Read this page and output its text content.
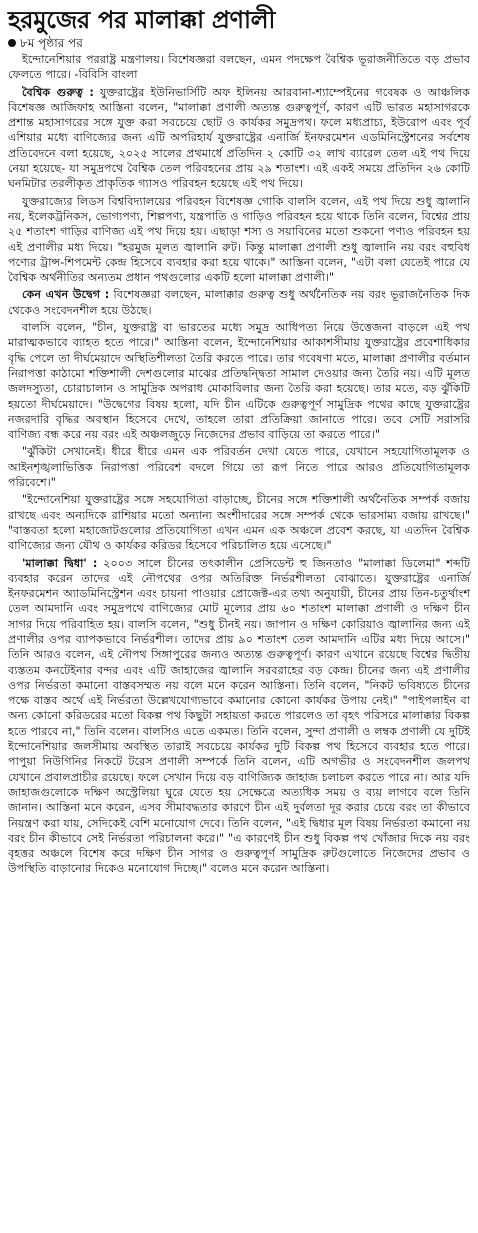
হরমুজের পর মালাক্কা প্রণালী
৮ম পৃষ্ঠার পর

ইন্দোনেশিয়ার পররাষ্ট্র মন্ত্রণালয়। বিশেষজ্ঞরা বলছেন, এমন পদক্ষেপ বৈশ্বিক ভূরাজনীতিতে বড় প্রভাব ফেলতে পারে। -বিবিসি বাংলা

বৈশ্বিক গুরুত্ব : যুক্তরাষ্ট্রের ইউনিভার্সিটি অফ ইলিনয় আরবানা-শ্যাম্পেইনের গবেষক ও আঞ্চলিক বিশেষজ্ঞ আজিফাহ আস্তিনা বলেন, "মালাক্কা প্রণালী অত্যন্ত গুরুত্বপূর্ণ, কারণ এটি ভারত মহাসাগরকে প্রশান্ত মহাসাগরের সঙ্গে যুক্ত করা সবচেয়ে ছোট ও কার্যকর সমুদ্রপথ। ফলে মধ্যপ্রাচ্য, ইউরোপ এবং পূর্ব এশিয়ার মধ্যে বাণিজ্যের জন্য এটি অপরিহার্য যুক্তরাষ্ট্রের এনার্জি ইনফরমেশন এডমিনিস্ট্রেশনের সর্বশেষ প্রতিবেদনে বলা হয়েছে, ২০২৫ সালের প্রথমার্ধে প্রতিদিন ২ কোটি ৩২ লাখ ব্যারেল তেল এই পথ দিয়ে নেয়া হয়েছে- যা সমুদ্রপথে বৈশ্বিক তেল পরিবহনের প্রায় ২৯ শতাংশ। এই একই সময়ে প্রতিদিন ২৬ কোটি ঘনমিটার তরলীকৃত প্রাকৃতিক গ্যাসও পরিবহন হয়েছে এই পথ দিয়ে।

যুক্তরাজ্যের লিডস বিশ্ববিদ্যালয়ের পরিবহন বিশেষজ্ঞ গোকি বালসি বলেন, এই পথ দিয়ে শুধু জ্বালানি নয়, ইলেকট্রনিকস, ভোগ্যপণ্য, শিল্পপণ্য, যন্ত্রপাতি ও গাড়িও পরিবহন হয়ে থাকে তিনি বলেন, বিশ্বের প্রায় ২৫ শতাংশ গাড়ির বাণিজ্য এই পথ দিয়ে হয়। এছাড়া শস্য ও সয়াবিনের মতো শুকনো পণ্যও পরিবহন হয় এই প্রণালীর মধ্য দিয়ে। "হরমুজ মূলত জ্বালানি রুট। কিন্তু মালাক্কা প্রণালী শুধু জ্বালানি নয় বরং বহুবিধ পণ্যের ট্রান্স-শিপমেন্ট কেন্দ্র হিসেবে ব্যবহার করা হয়ে থাকে।" আস্তিনা বলেন, "এটা বলা যেতেই পারে যে বৈশ্বিক অর্থনীতির অন্যতম প্রধান পথগুলোর একটি হলো মালাক্কা প্রণালী।"

কেন এখন উদ্বেগ : বিশেষজ্ঞরা বলছেন, মালাক্কার গুরুত্ব শুধু অর্থনৈতিক নয় বরং ভূরাজনৈতিক দিক থেকেও সংবেদনশীল হয়ে উঠছে।

বালসি বলেন, "চীন, যুক্তরাষ্ট্র বা ভারতের মধ্যে সমুদ্র আধিপত্য নিয়ে উত্তেজনা বাড়লে এই পথ মারাত্মকভাবে ব্যাহত হতে পারে।" আস্তিনা বলেন, ইন্দোনেশিয়ার আকাশসীমায় যুক্তরাষ্ট্রের প্রবেশাধিকার বৃদ্ধি পেলে তা দীর্ঘমেয়াদে অস্থিতিশীলতা তৈরি করতে পারে। তার গবেষণা মতে, মালাক্কা প্রণালীর বর্তমান নিরাপত্তা কাঠামো শক্তিশালী দেশগুলোর মাঝের প্রতিদ্বন্দ্বিতা সামাল দেওয়ার জন্য তৈরি নয়। এটি মূলত জলদস্যুতা, চোরাচালান ও সামুদ্রিক অপরাধ মোকাবিলার জন্য তৈরি করা হয়েছে। তার মতে, বড় ঝুঁকিটি হয়তো দীর্ঘমেয়াদে। "উদ্বেগের বিষয় হলো, যদি চীন এটিকে গুরুত্বপূর্ণ সামুদ্রিক পথের কাছে যুক্তরাষ্ট্রের নজরদারি বৃদ্ধির অবস্থান হিসেবে দেখে, তাহলে তারা প্রতিক্রিয়া জানাতে পারে। তবে সেটি সরাসরি বাণিজ্য বন্ধ করে নয় বরং এই অঞ্চলজুড়ে নিজেদের প্রভাব বাড়িয়ে তা করতে পারে।"

"ঝুঁকিটা সেখানেই। ধীরে ধীরে এমন এক পরিবর্তন দেখা যেতে পারে, যেখানে সহযোগিতামূলক ও আইনশৃঙ্খলাভিত্তিক নিরাপত্তা পরিবেশ বদলে গিয়ে তা রূপ নিতে পারে আরও প্রতিযোগিতামূলক পরিবেশে।"

"ইন্দোনেশিয়া যুক্তরাষ্ট্রের সঙ্গে সহযোগিতা বাড়াচ্ছে, চীনের সঙ্গে শক্তিশালী অর্থনৈতিক সম্পর্ক বজায় রাখছে এবং অন্যদিকে রাশিয়ার মতো অন্যান্য অংশীদারের সঙ্গে সম্পর্ক থেকে ভারসাম্য বজায় রাখছে।" "বাস্তবতা হলো মহাজোটগুলোর প্রতিযোগিতা এখন এমন এক অঞ্চলে প্রবেশ করছে, যা এতদিন বৈশ্বিক বাণিজ্যের জন্য যৌথ ও কার্যকর করিডর হিসেবে পরিচালিত হয়ে এসেছে।"

'মালাক্কা দ্বিধা' : ২০০৩ সালে চীনের তৎকালীন প্রেসিডেন্ট হু জিনতাও "মালাক্কা ডিলেমা" শব্দটি ব্যবহার করেন তাদের এই নৌপথের ওপর অতিরিক্ত নির্ভরশীলতা বোঝাতে। যুক্তরাষ্ট্রের এনার্জি ইনফরমেশন অ্যাডমিনিস্ট্রেশন এবং চায়না পাওয়ার প্রোজেক্ট-এর তথ্য অনুযায়ী, চীনের প্রায় তিন-চতুর্থাংশ তেল আমদানি এবং সমুদ্রপথে বাণিজ্যের মোট মূল্যের প্রায় ৬০ শতাংশ মালাক্কা প্রণালী ও দক্ষিণ চীন সাগর দিয়ে পরিবাহিত হয়। বালসি বলেন, "শুধু চীনই নয়। জাপান ও দক্ষিণ কোরিয়াও জ্বালানির জন্য এই প্রণালীর ওপর ব্যাপকভাবে নির্ভরশীল। তাদের প্রায় ৯০ শতাংশ তেল আমদানি এটির মধ্য দিয়ে আসে।" তিনি আরও বলেন, এই নৌপথ সিঙ্গাপুরের জন্যও অত্যন্ত গুরুত্বপূর্ণ। কারণ এখানে রয়েছে বিশ্বের দ্বিতীয় ব্যস্ততম কনটেইনার বন্দর এবং এটি জাহাজের জ্বালানি সরবরাহের বড় কেন্দ্র। চীনের জন্য এই প্রণালীর ওপর নির্ভরতা কমানো বাস্তবসম্মত নয় বলে মনে করেন আস্তিনা। তিনি বলেন, "নিকট ভবিষ্যতে চীনের পক্ষে বাস্তব অর্থে এই নির্ভরতা উল্লেখযোগ্যভাবে কমানোর কোনো কার্যকর উপায় নেই।" "পাইপলাইন বা অন্য কোনো করিডরের মতো বিকল্প পথ কিছুটা সহায়তা করতে পারলেও তা বৃহৎ পরিসরে মালাক্কার বিকল্প হতে পারবে না," তিনি বলেন। বালসিও এতে একমত। তিনি বলেন, সুন্দা প্রণালী ও লম্বক প্রণালী যে দুটিই ইন্দোনেশিয়ার জলসীমায় অবস্থিত তারাই সবচেয়ে কার্যকর দুটি বিকল্প পথ হিসেবে ব্যবহার হতে পারে। পাপুয়া নিউগিনির নিকটে টরেস প্রণালী সম্পর্কে তিনি বলেন, এটি অগভীর ও সংবেদনশীল জলপথ যেখানে প্রবালপ্রাচীর রয়েছে। ফলে সেখান দিয়ে বড় বাণিজ্যিক জাহাজ চলাচল করতে পারে না। আর যদি জাহাজগুলোকে দক্ষিণ অস্ট্রেলিয়া ঘুরে যেতে হয় সেক্ষেত্রে অত্যধিক সময় ও ব্যয় লাগবে বলে তিনি জানান। আস্তিনা মনে করেন, এসব সীমাবদ্ধতার কারণে চীন এই দুর্বলতা দূর করার চেয়ে বরং তা কীভাবে নিয়ন্ত্রণ করা যায়, সেদিকেই বেশি মনোযোগ দেবে। তিনি বলেন, "এই দ্বিধার মূল বিষয় নির্ভরতা কমানো নয় বরং চীন কীভাবে সেই নির্ভরতা পরিচালনা করে।" "এ কারণেই চীন শুধু বিকল্প পথ খোঁজার দিকে নয় বরং বৃহত্তর অঞ্চলে বিশেষ করে দক্ষিণ চীন সাগর ও গুরুত্বপূর্ণ সামুদ্রিক রুটগুলোতে নিজেদের প্রভাব ও উপস্থিতি বাড়ানোর দিকেও মনোযোগ দিচ্ছে।" বলেও মনে করেন আস্তিনা।
